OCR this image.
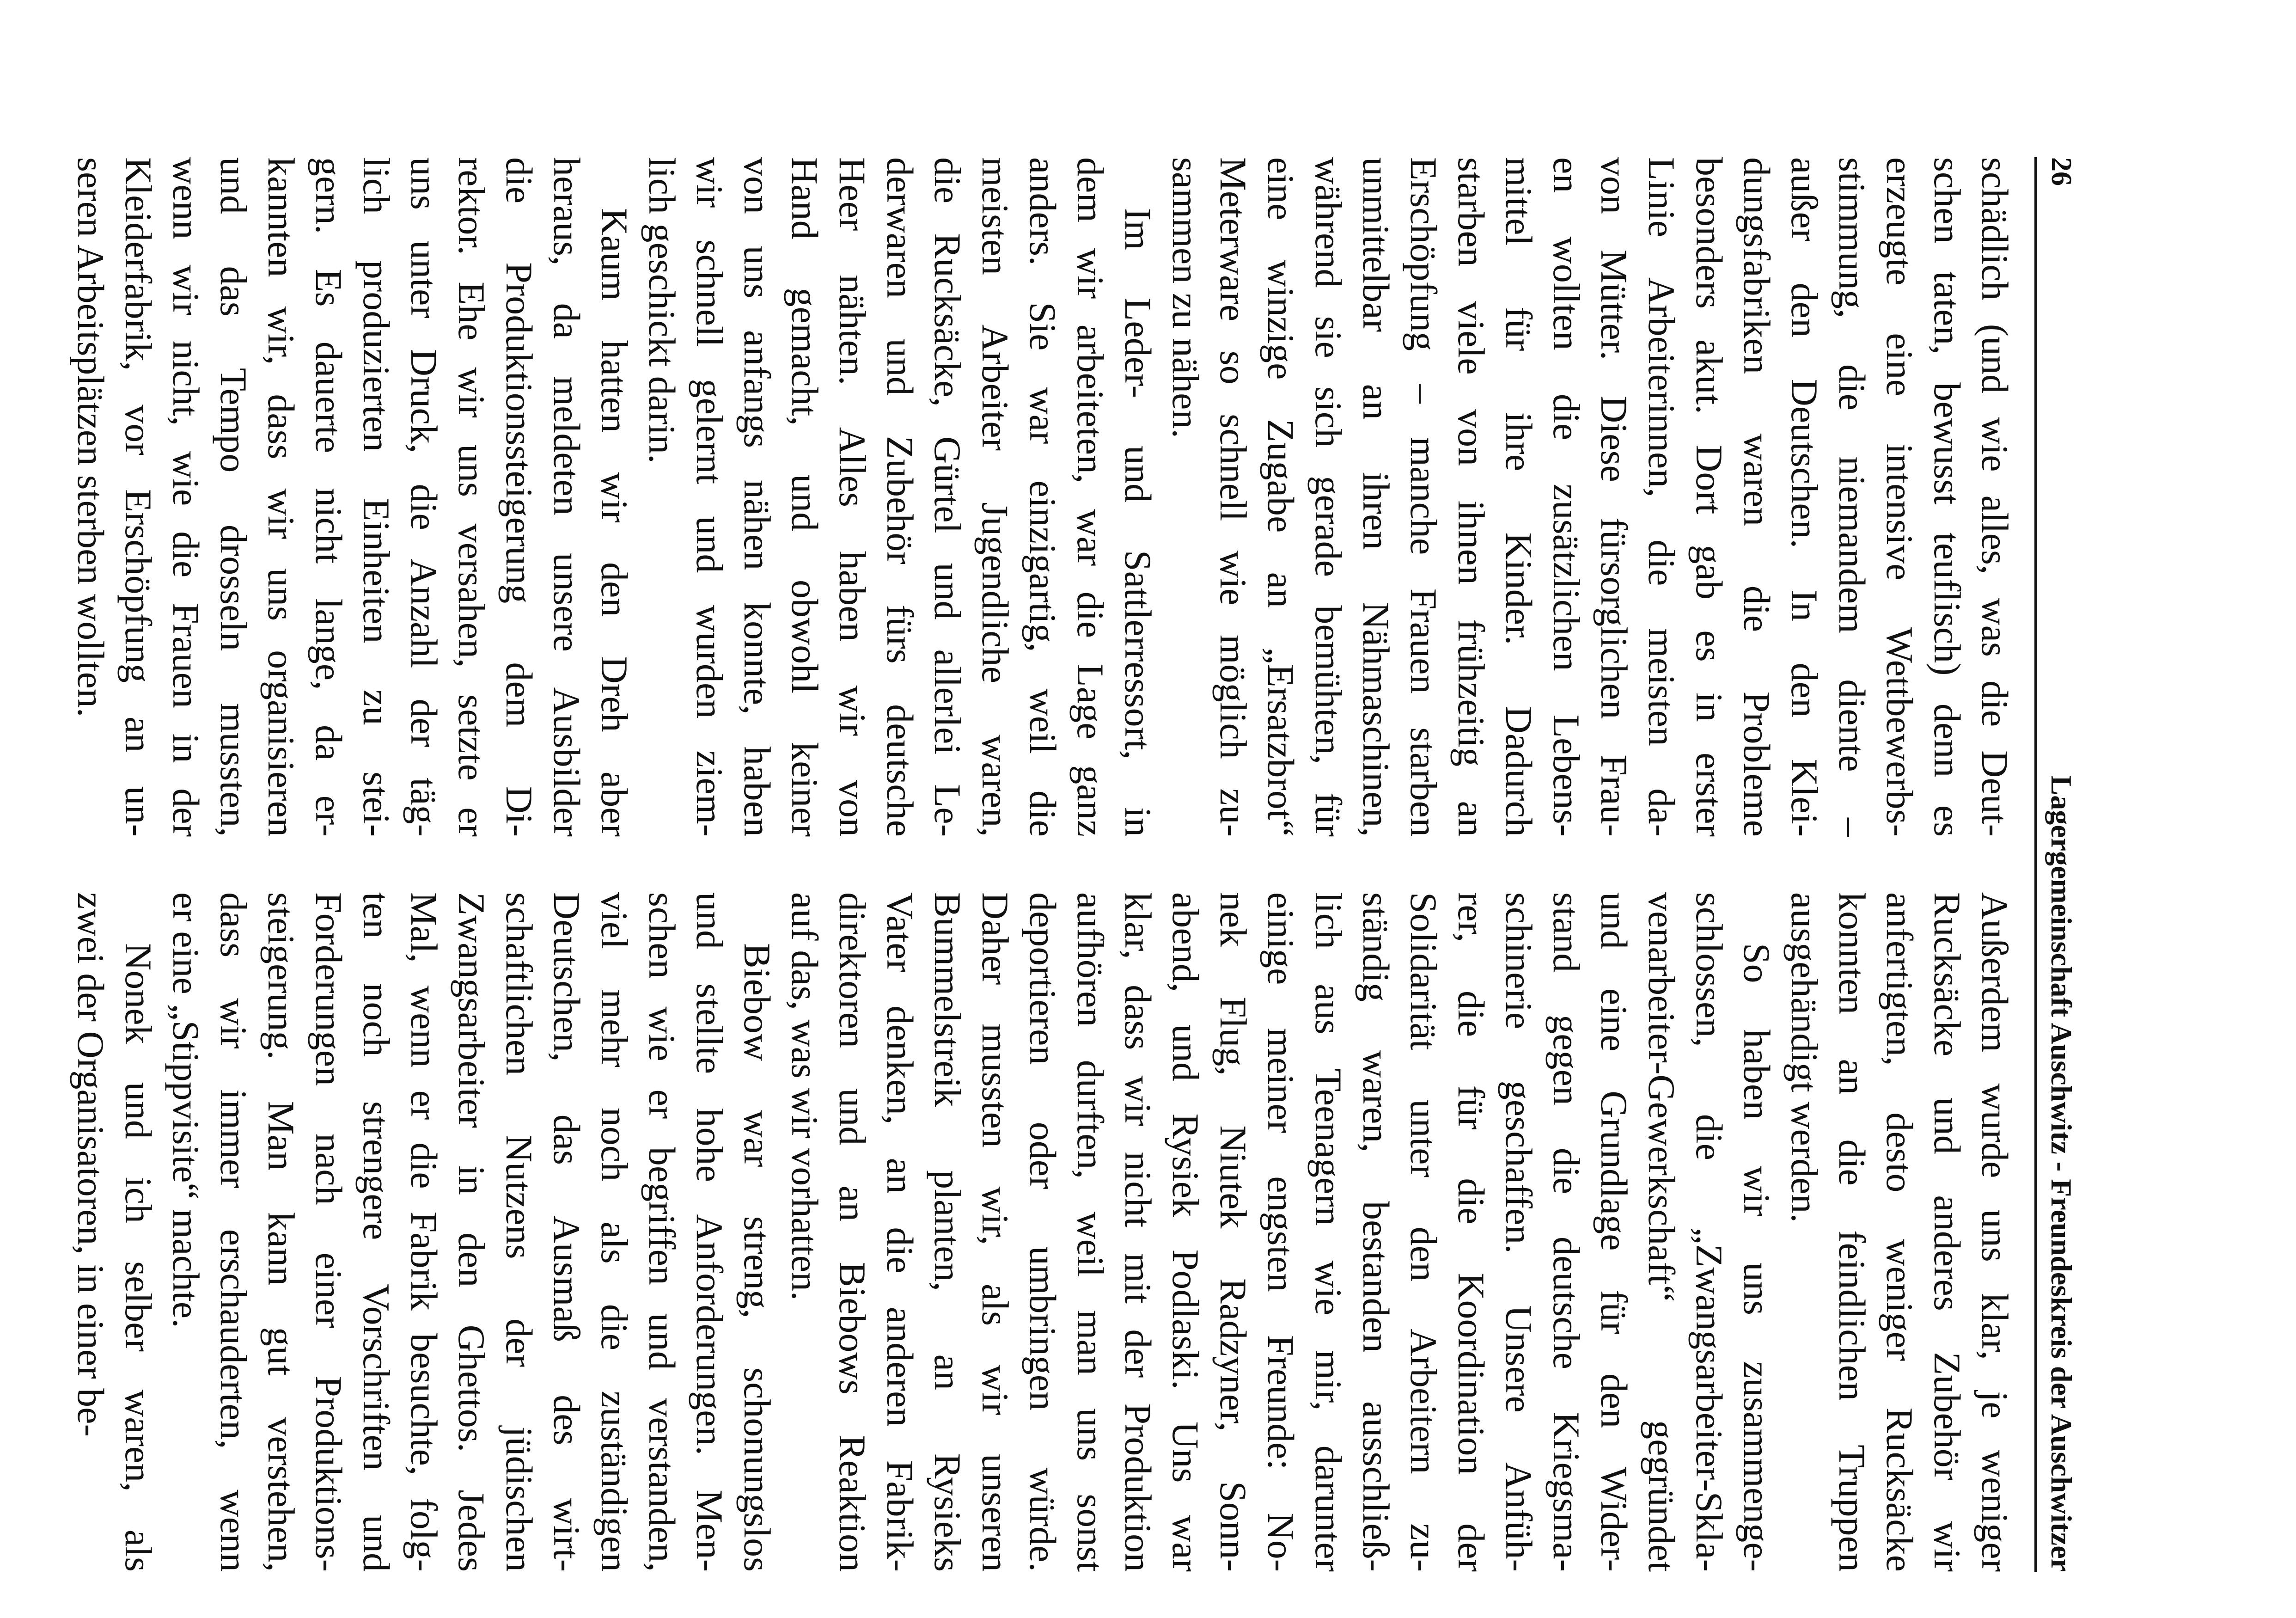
26
Lagergemeinschaft Auschwitz - Freundeskreis der Auschwitzer
schädlich (und wie alles, was die Deut-
schen taten, bewusst teuflisch) denn es
erzeugte eine intensive Wettbewerbs-
stimmung, die niemandem diente –
außer den Deutschen. In den Klei-
dungsfabriken waren die Probleme
besonders akut. Dort gab es in erster
Linie Arbeiterinnen, die meisten da-
von Mütter. Diese fürsorglichen Frau-
en wollten die zusätzlichen Lebens-
mittel für ihre Kinder. Dadurch
starben viele von ihnen frühzeitig an
Erschöpfung – manche Frauen starben
unmittelbar an ihren Nähmaschinen,
während sie sich gerade bemühten, für
eine winzige Zugabe an „Ersatzbrot“
Meterware so schnell wie möglich zu-
sammen zu nähen.
Im Leder- und Sattlerressort, in
dem wir arbeiteten, war die Lage ganz
anders. Sie war einzigartig, weil die
meisten Arbeiter Jugendliche waren,
die Rucksäcke, Gürtel und allerlei Le-
derwaren und Zubehör fürs deutsche
Heer nähten. Alles haben wir von
Hand gemacht, und obwohl keiner
von uns anfangs nähen konnte, haben
wir schnell gelernt und wurden ziem-
lich geschickt darin.
Kaum hatten wir den Dreh aber
heraus, da meldeten unsere Ausbilder
die Produktionssteigerung dem Di-
rektor. Ehe wir uns versahen, setzte er
uns unter Druck, die Anzahl der täg-
lich produzierten Einheiten zu stei-
gern. Es dauerte nicht lange, da er-
kannten wir, dass wir uns organisieren
und das Tempo drosseln mussten,
wenn wir nicht, wie die Frauen in der
Kleiderfabrik, vor Erschöpfung an un-
seren Arbeitsplätzen sterben wollten.
Außerdem wurde uns klar, je weniger
Rucksäcke und anderes Zubehör wir
anfertigten, desto weniger Rucksäcke
konnten an die feindlichen Truppen
ausgehändigt werden.
So haben wir uns zusammenge-
schlossen, die „Zwangsarbeiter-Skla-
venarbeiter-Gewerkschaft“ gegründet
und eine Grundlage für den Wider-
stand gegen die deutsche Kriegsma-
schinerie geschaffen. Unsere Anfüh-
rer, die für die Koordination der
Solidarität unter den Arbeitern zu-
ständig waren, bestanden ausschließ-
lich aus Teenagern wie mir, darunter
einige meiner engsten Freunde: No-
nek Flug, Niutek Radzyner, Sonn-
abend, und Rysiek Podlaski. Uns war
klar, dass wir nicht mit der Produktion
aufhören durften, weil man uns sonst
deportieren oder umbringen würde.
Daher mussten wir, als wir unseren
Bummelstreik planten, an Rysieks
Vater denken, an die anderen Fabrik-
direktoren und an Biebows Reaktion
auf das, was wir vorhatten.
Biebow war streng, schonungslos
und stellte hohe Anforderungen. Men-
schen wie er begriffen und verstanden,
viel mehr noch als die zuständigen
Deutschen, das Ausmaß des wirt-
schaftlichen Nutzens der jüdischen
Zwangsarbeiter in den Ghettos. Jedes
Mal, wenn er die Fabrik besuchte, folg-
ten noch strengere Vorschriften und
Forderungen nach einer Produktions-
steigerung. Man kann gut verstehen,
dass wir immer erschauderten, wenn
er eine „Stippvisite“ machte.
Nonek und ich selber waren, als
zwei der Organisatoren, in einer be-
